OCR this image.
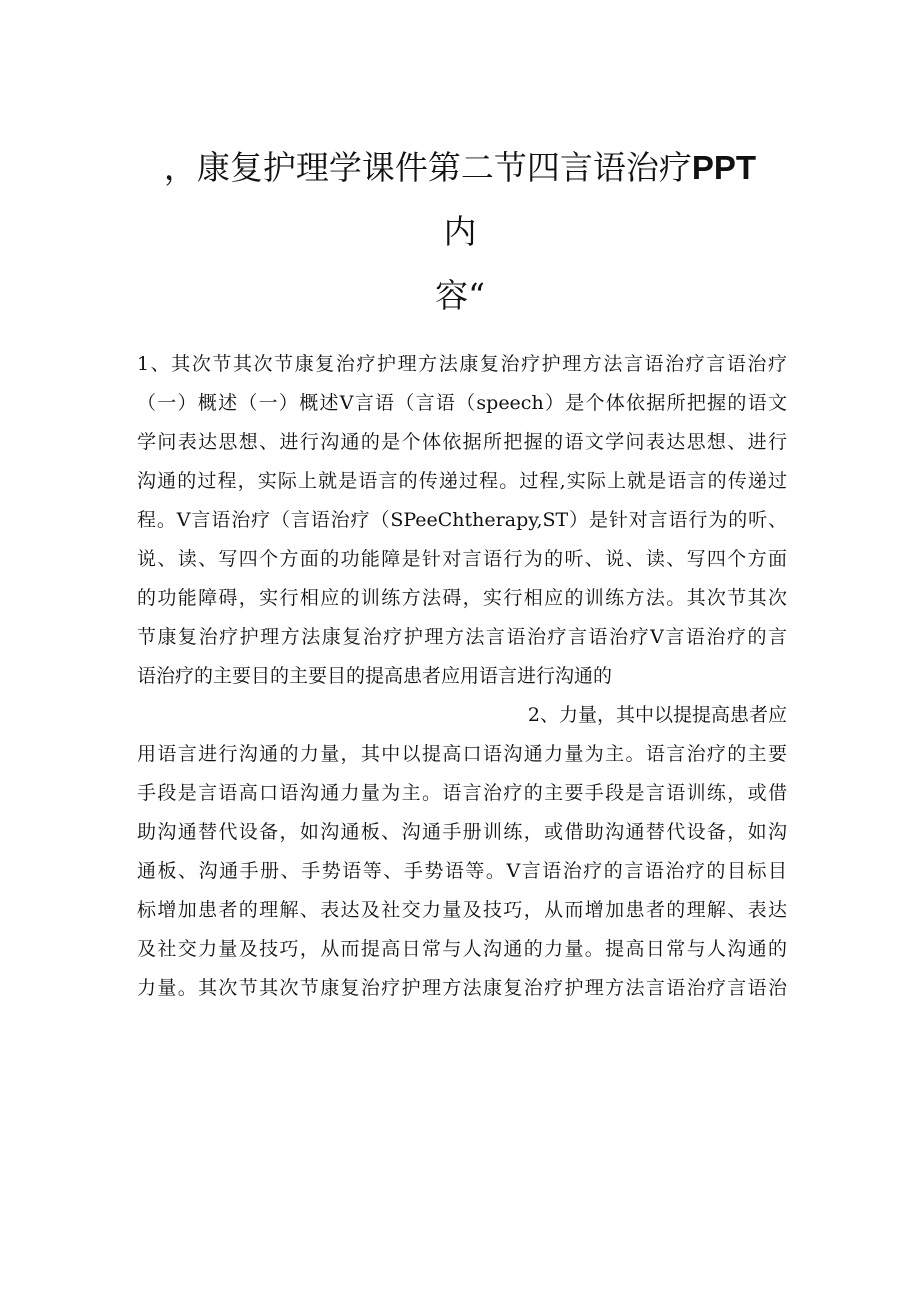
，康复护理学课件第二节四言语治疗PPT
内
容“
1、其次节其次节康复治疗护理方法康复治疗护理方法言语治疗言语治疗
（一）概述（一）概述Ⅴ言语（言语（speech）是个体依据所把握的语文
学问表达思想、进行沟通的是个体依据所把握的语文学问表达思想、进行
沟通的过程，实际上就是语言的传递过程。过程,实际上就是语言的传递过
程。Ⅴ言语治疗（言语治疗（SPeeChtherapy,ST）是针对言语行为的听、
说、读、写四个方面的功能障是针对言语行为的听、说、读、写四个方面
的功能障碍，实行相应的训练方法碍，实行相应的训练方法。其次节其次
节康复治疗护理方法康复治疗护理方法言语治疗言语治疗Ⅴ言语治疗的言
语治疗的主要目的主要目的提高患者应用语言进行沟通的
2、力量，其中以提提高患者应
用语言进行沟通的力量，其中以提高口语沟通力量为主。语言治疗的主要
手段是言语高口语沟通力量为主。语言治疗的主要手段是言语训练，或借
助沟通替代设备，如沟通板、沟通手册训练，或借助沟通替代设备，如沟
通板、沟通手册、手势语等、手势语等。Ⅴ言语治疗的言语治疗的目标目
标增加患者的理解、表达及社交力量及技巧，从而增加患者的理解、表达
及社交力量及技巧，从而提高日常与人沟通的力量。提高日常与人沟通的
力量。其次节其次节康复治疗护理方法康复治疗护理方法言语治疗言语治
